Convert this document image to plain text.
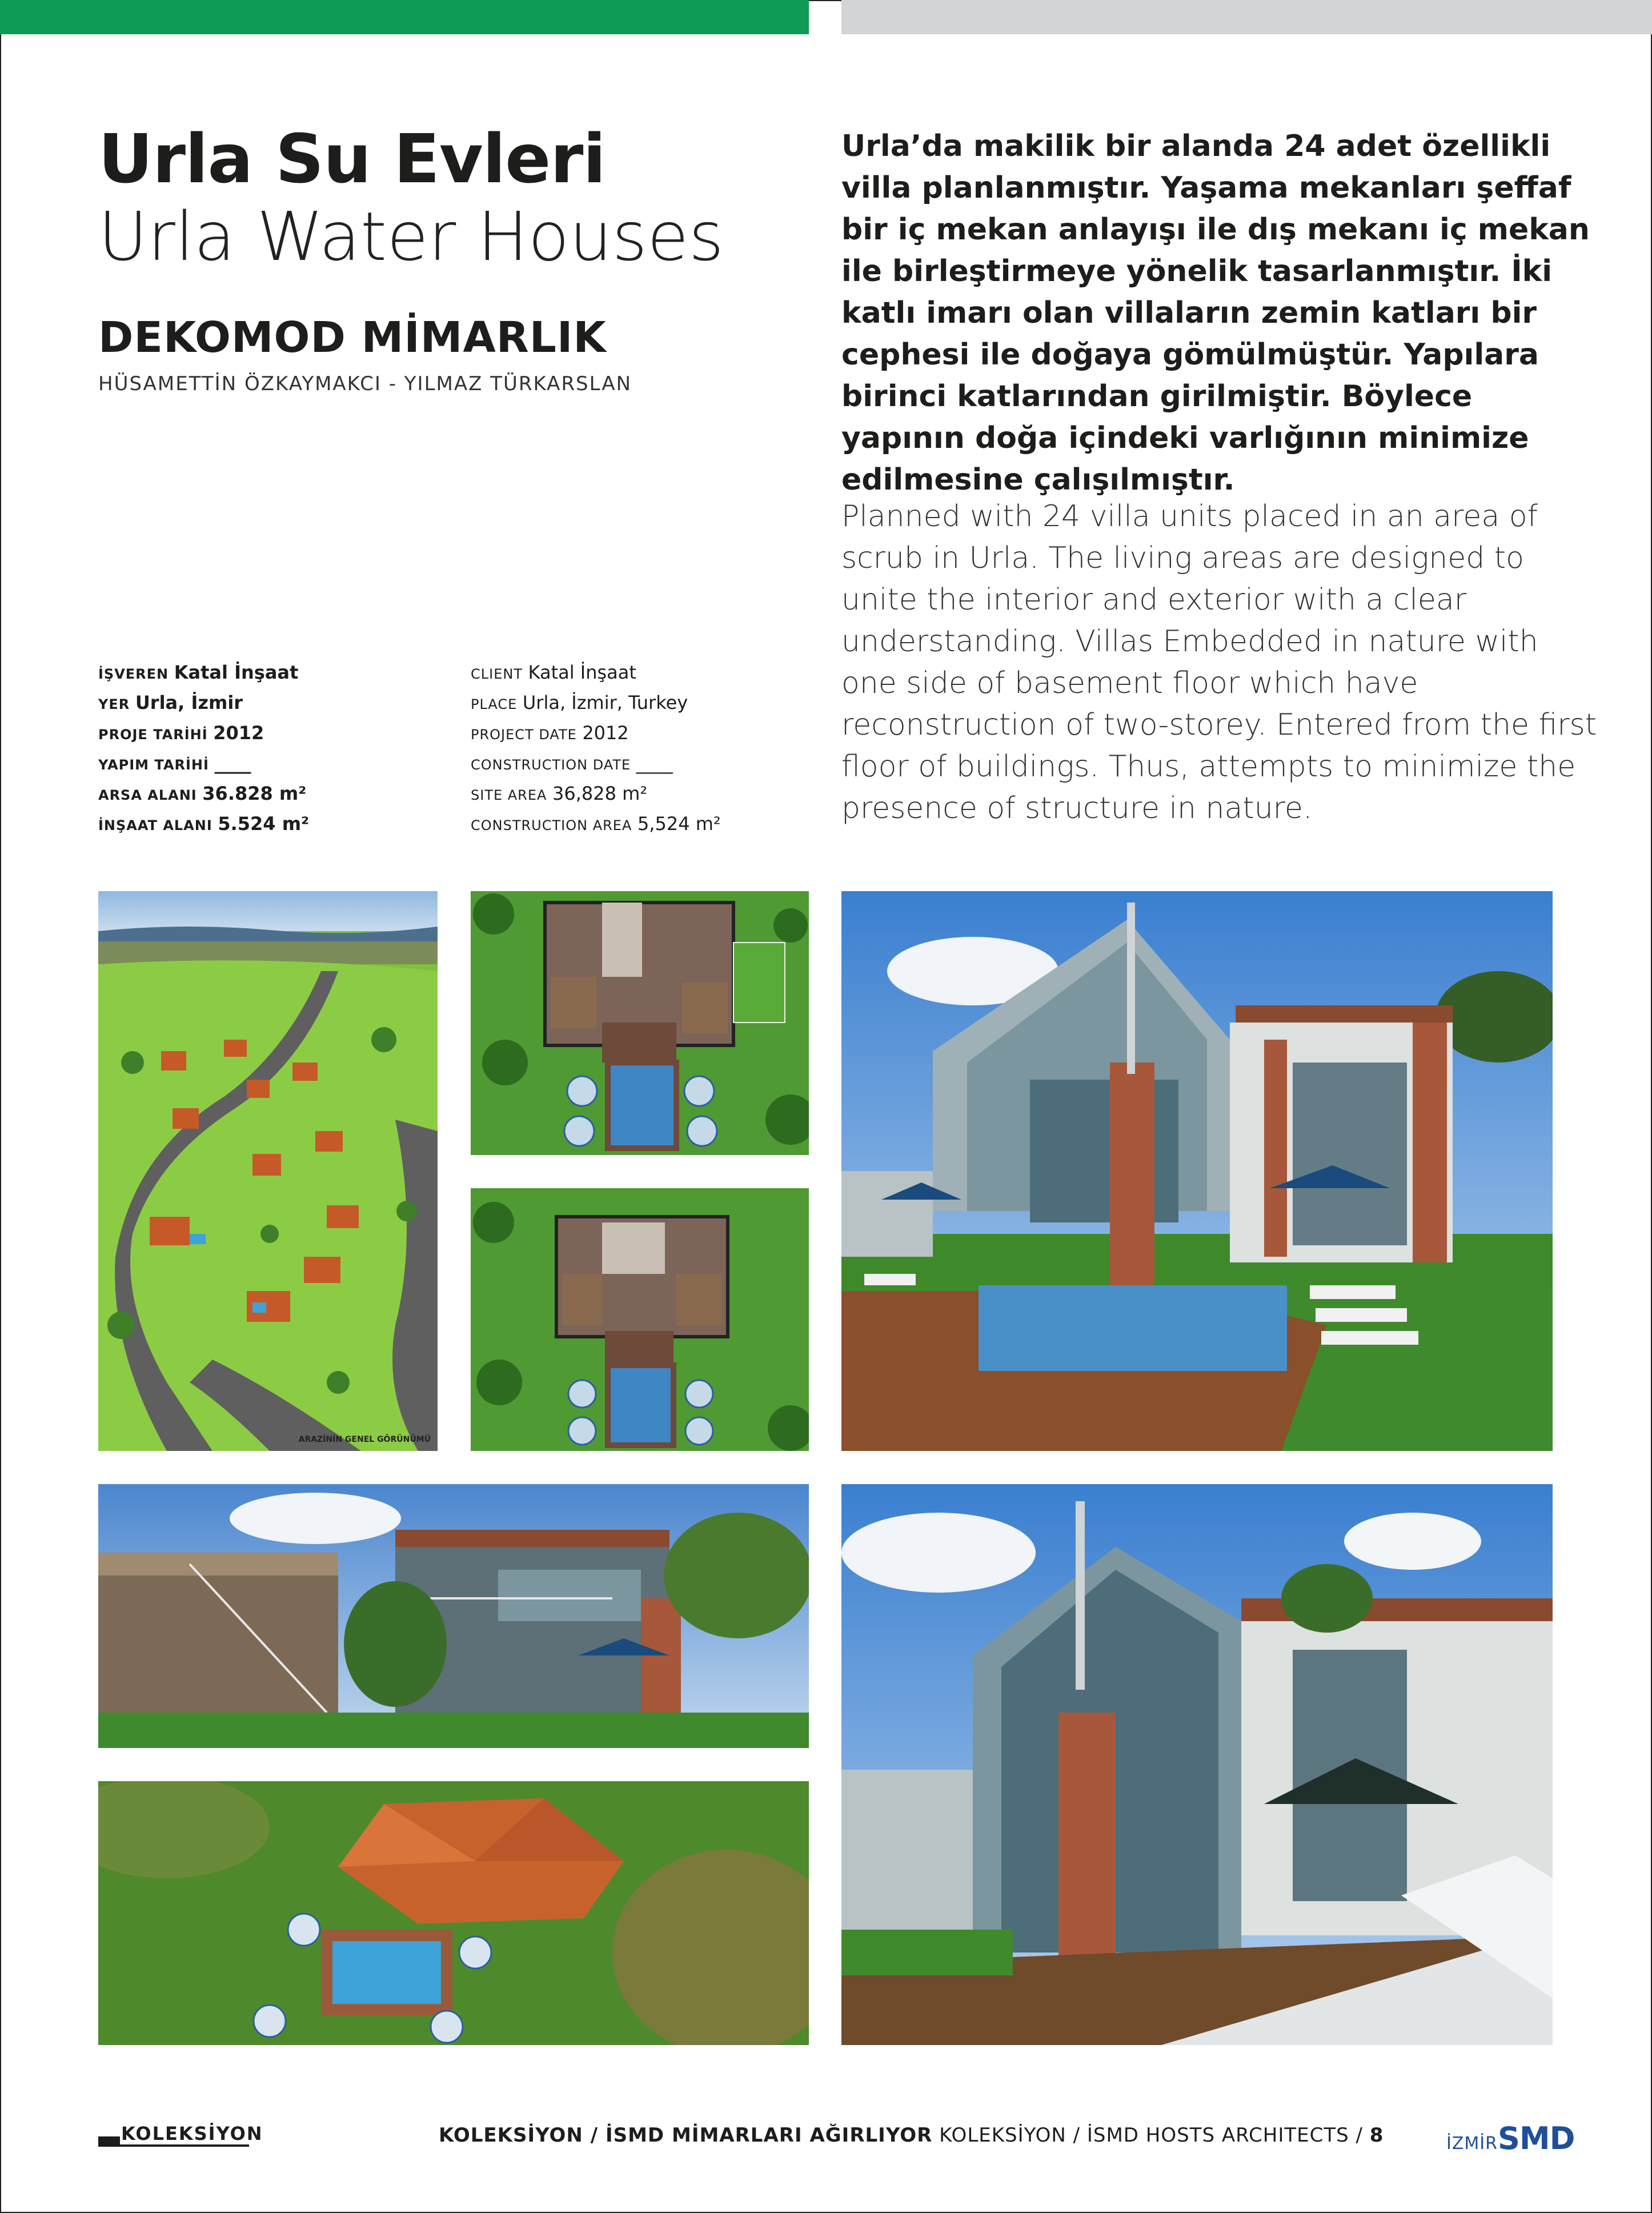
Urla Su Evleri
Urla Water Houses
DEKOMOD MİMARLIK
HÜSAMETTİN ÖZKAYMAKCI - YILMAZ TÜRKARSLAN
Urla’da makilik bir alanda 24 adet özellikli villa planlanmıştır. Yaşama mekanları şeffaf bir iç mekan anlayışı ile dış mekanı iç mekan ile birleştirmeye yönelik tasarlanmıştır. İki katlı imarı olan villaların zemin katları bir cephesi ile doğaya gömülmüştür. Yapılara birinci katlarından girilmiştir. Böylece yapının doğa içindeki varlığının minimize edilmesine çalışılmıştır.
Planned with 24 villa units placed in an area of scrub in Urla. The living areas are designed to unite the interior and exterior with a clear understanding. Villas Embedded in nature with one side of basement floor which have reconstruction of two-storey. Entered from the first floor of buildings. Thus, attempts to minimize the presence of structure in nature.
İŞVEREN Katal İnşaat
YER Urla, İzmir
PROJE TARİHİ 2012
YAPIM TARİHİ ____
ARSA ALANI 36.828 m²
İNŞAAT ALANI 5.524 m²
CLIENT Katal İnşaat
PLACE Urla, İzmir, Turkey
PROJECT DATE 2012
CONSTRUCTION DATE ____
SITE AREA 36,828 m²
CONSTRUCTION AREA 5,524 m²
ARAZİNİN GENEL GÖRÜNÜMÜ
KOLEKSİYON	KOLEKSİYON / İSMD MİMARLARI AĞIRLIYOR KOLEKSİYON / İSMD HOSTS ARCHITECTS / 8	İZMİRSMD
